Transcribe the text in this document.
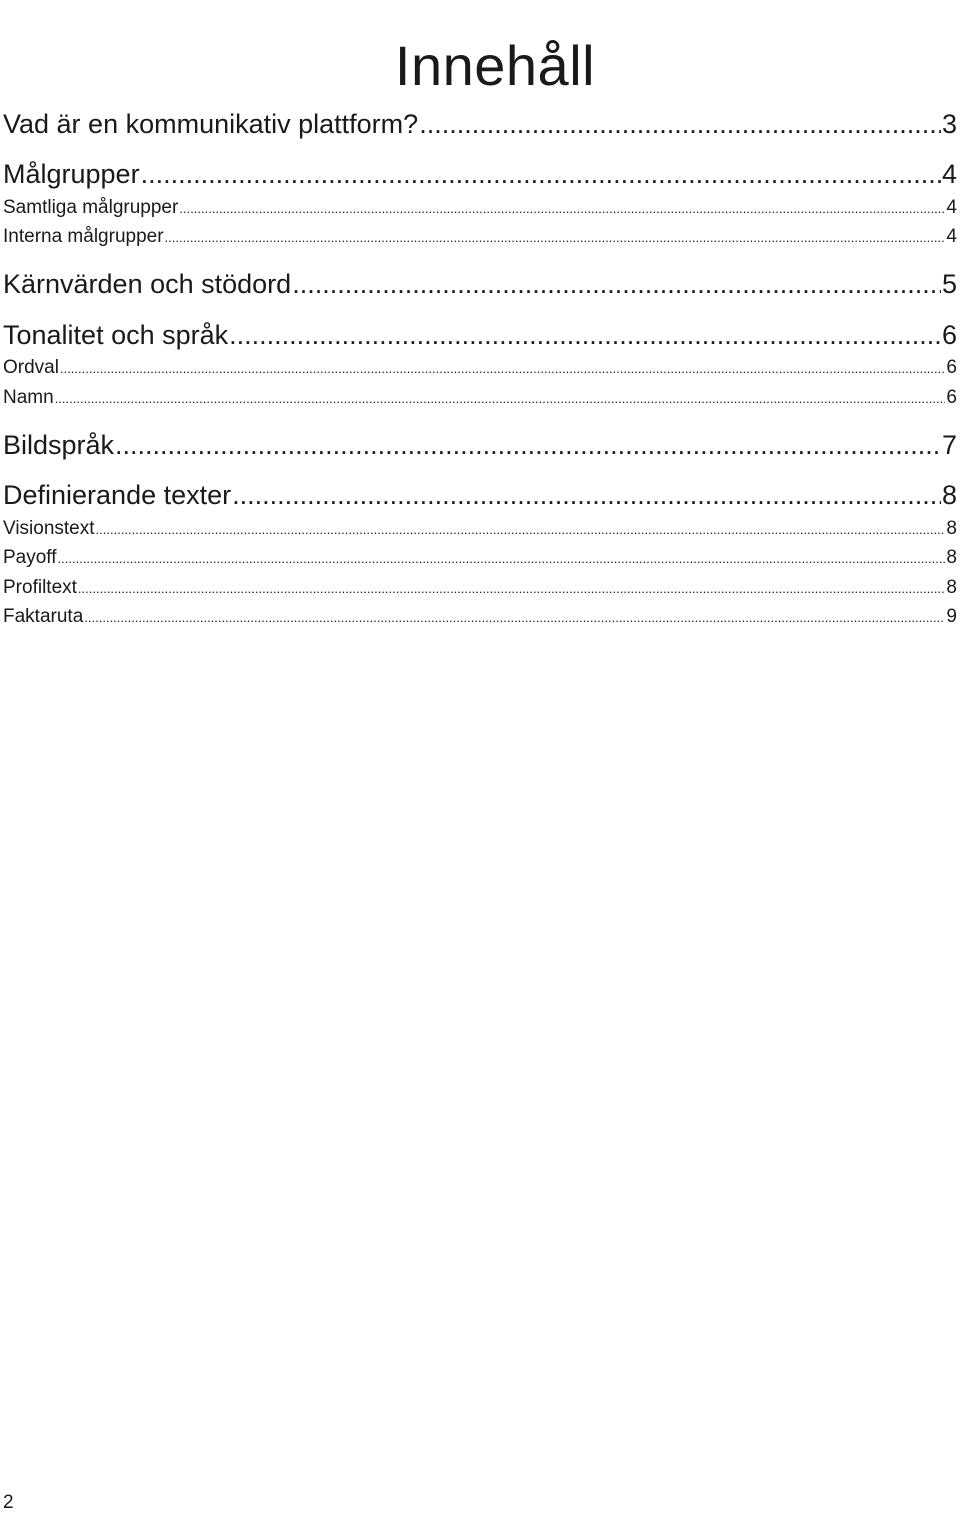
Innehåll
Vad är en kommunikativ plattform? .....	3
Målgrupper .....	4
Samtliga målgrupper .....	4
Interna målgrupper .....	4
Kärnvärden och stödord .....	5
Tonalitet och språk .....	6
Ordval .....	6
Namn .....	6
Bildspråk .....	7
Definierande texter .....	8
Visionstext .....	8
Payoff .....	8
Profiltext .....	8
Faktaruta .....	9
2
